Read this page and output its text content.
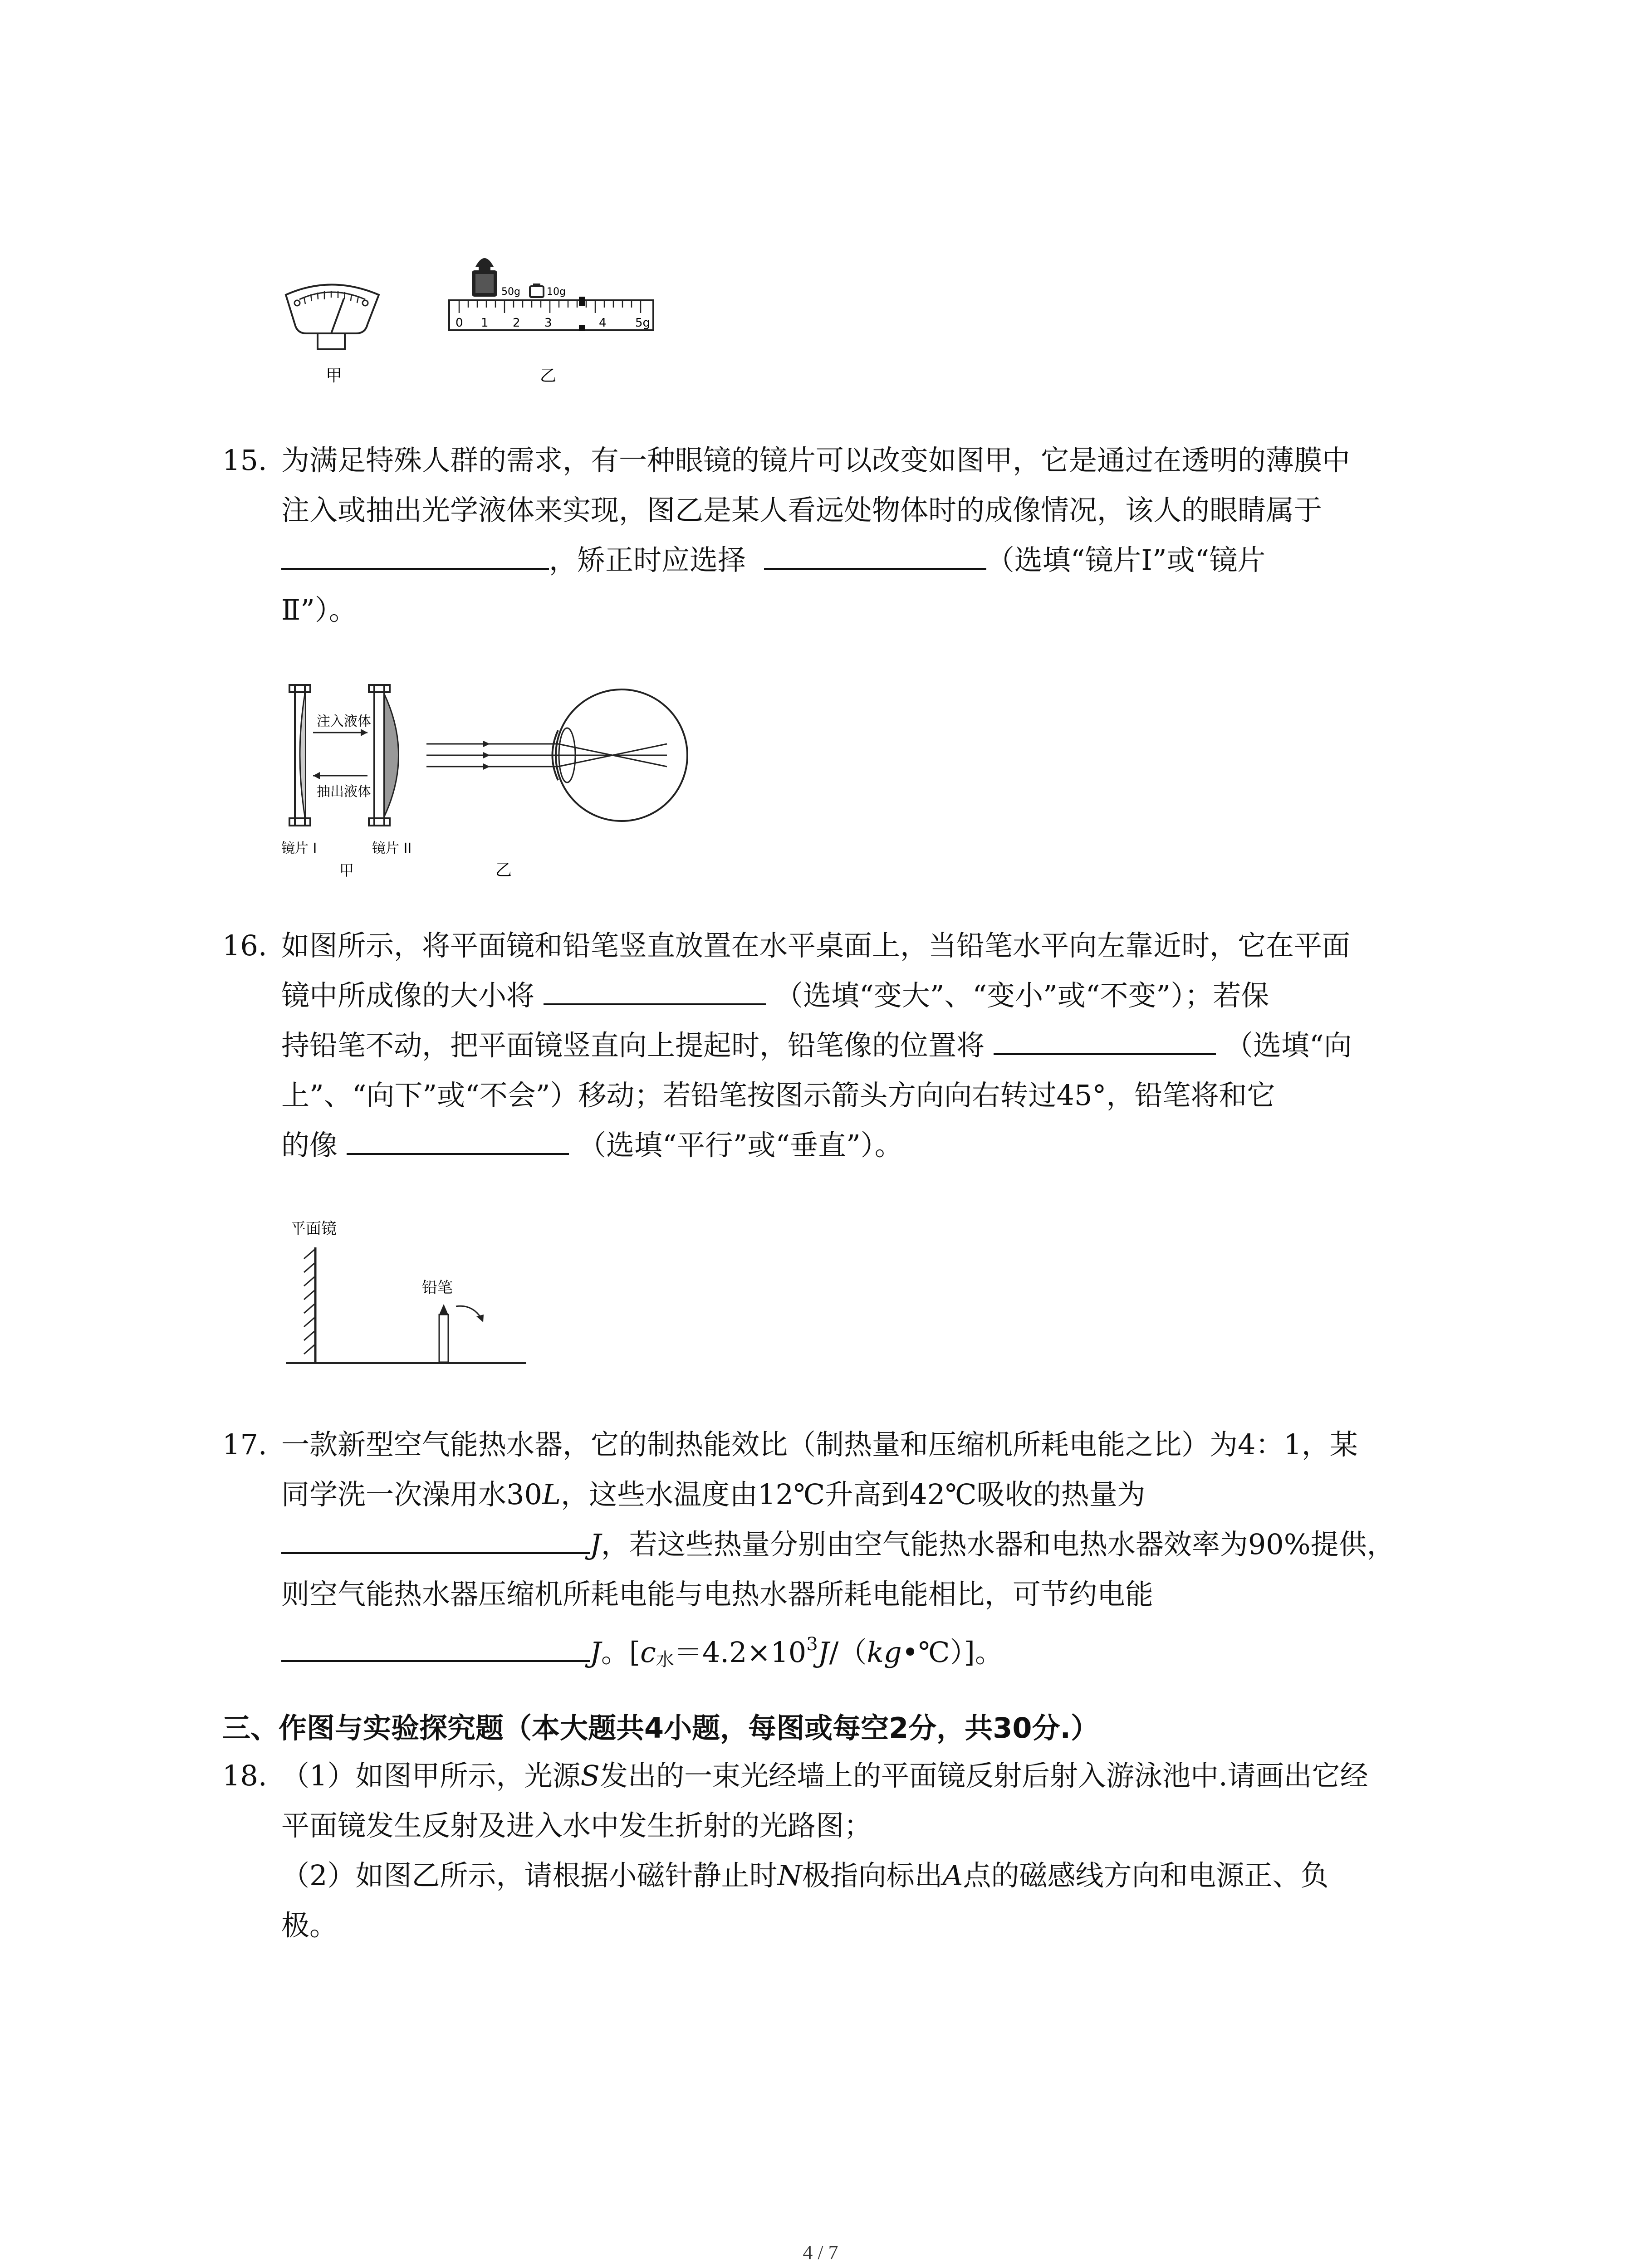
甲
50g	10g
0 1 2 3	4 5g
乙
15. 为满足特殊人群的需求，有一种眼镜的镜片可以改变如图甲，它是通过在透明的薄膜中
注入或抽出光学液体来实现，图乙是某人看远处物体时的成像情况，该人的眼睛属于
，矫正时应选择	（选填“镜片Ⅰ”或“镜片
Ⅱ”）。
注入液体
抽出液体
镜片 I	镜片 II
甲	乙
16. 如图所示，将平面镜和铅笔竖直放置在水平桌面上，当铅笔水平向左靠近时，它在平面
镜中所成像的大小将	（选填“变大”、“变小”或“不变”）；若保
持铅笔不动，把平面镜竖直向上提起时，铅笔像的位置将	（选填“向
上”、“向下”或“不会”）移动；若铅笔按图示箭头方向向右转过45°，铅笔将和它
的像	（选填“平行”或“垂直”）。
平面镜
铅笔
17. 一款新型空气能热水器，它的制热能效比（制热量和压缩机所耗电能之比）为4：1，某
同学洗一次澡用水30L，这些水温度由12℃升高到42℃吸收的热量为
J，若这些热量分别由空气能热水器和电热水器效率为90%提供，
则空气能热水器压缩机所耗电能与电热水器所耗电能相比，可节约电能
J。$[c_水=4.2\times 10^3J/(kg•℃)]$。
三、作图与实验探究题（本大题共4小题，每图或每空2分，共30分.）
18. （1）如图甲所示，光源S发出的一束光经墙上的平面镜反射后射入游泳池中.请画出它经
平面镜发生反射及进入水中发生折射的光路图；
（2）如图乙所示，请根据小磁针静止时N极指向标出A点的磁感线方向和电源正、负
极。
4 / 7
